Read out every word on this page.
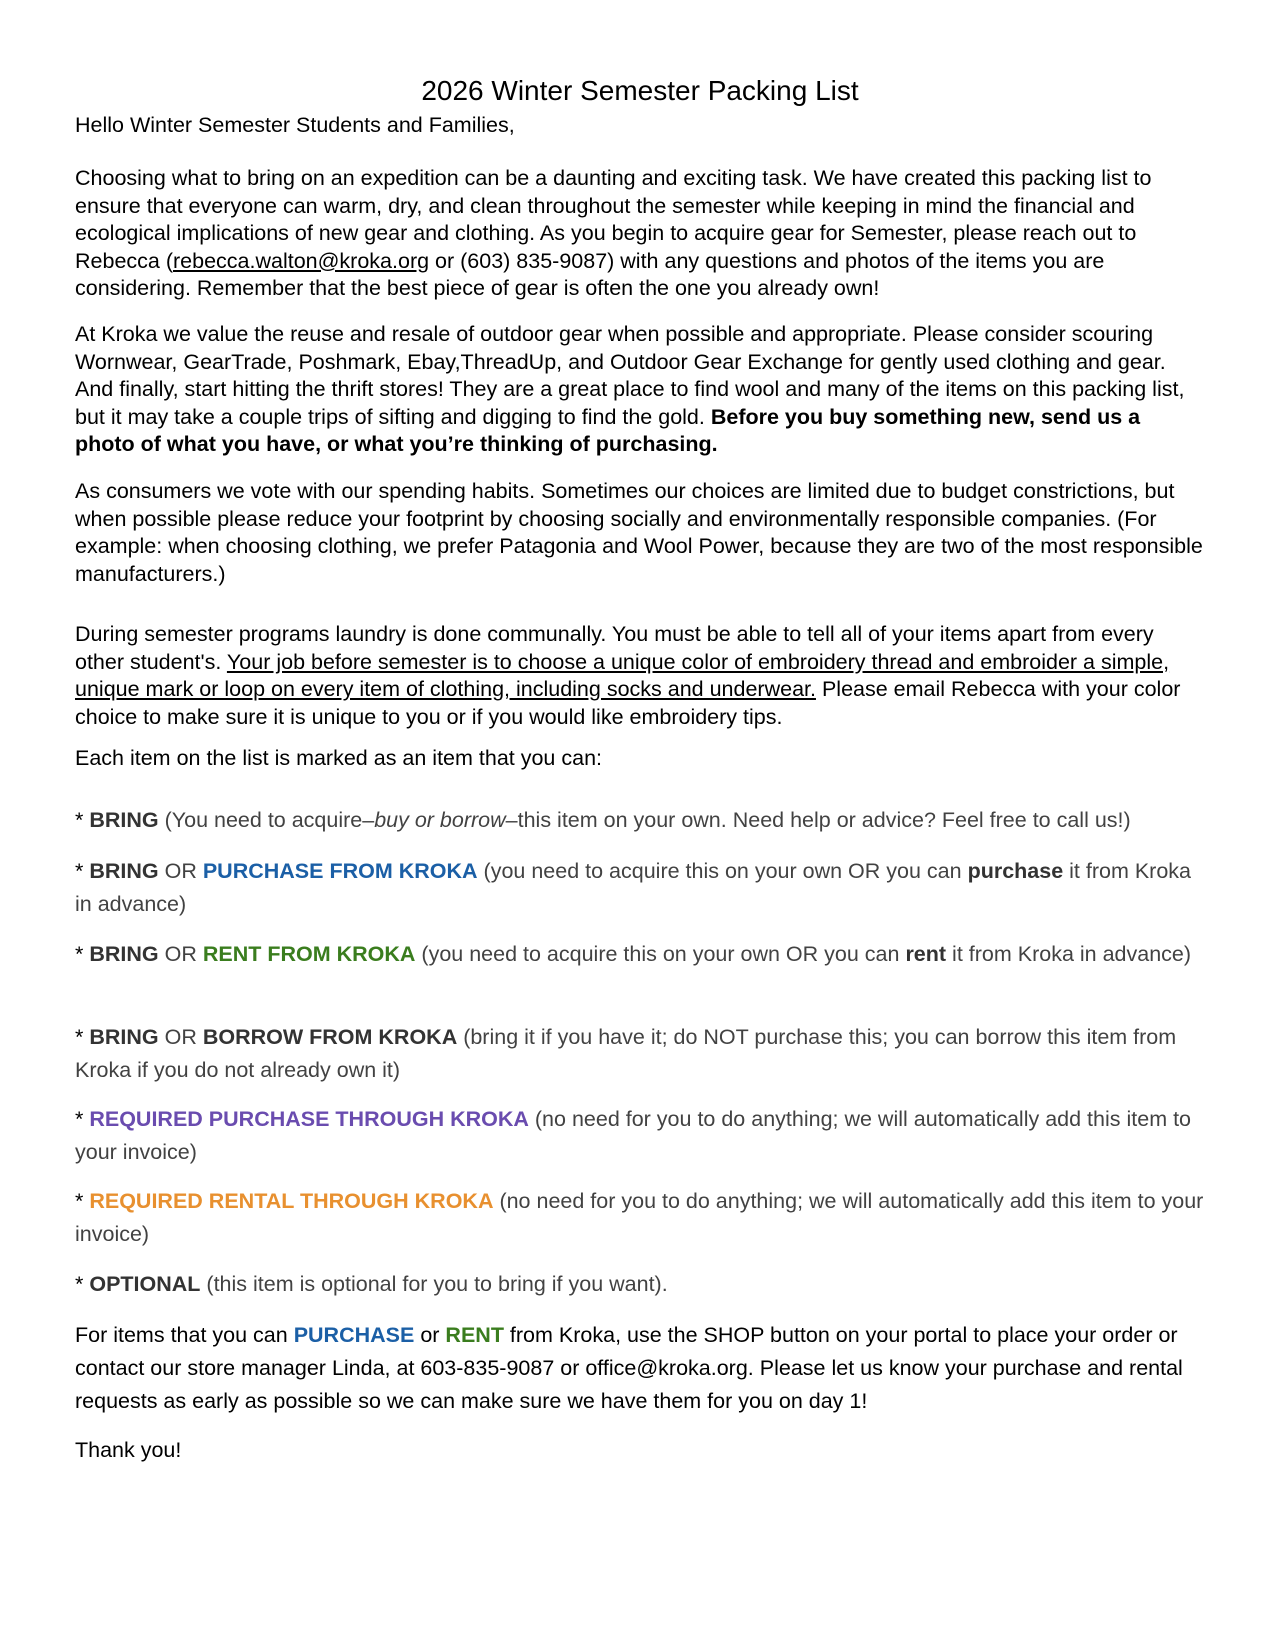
2026 Winter Semester Packing List

Hello Winter Semester Students and Families,

Choosing what to bring on an expedition can be a daunting and exciting task. We have created this packing list to ensure that everyone can warm, dry, and clean throughout the semester while keeping in mind the financial and ecological implications of new gear and clothing. As you begin to acquire gear for Semester, please reach out to Rebecca (rebecca.walton@kroka.org or (603) 835-9087) with any questions and photos of the items you are considering. Remember that the best piece of gear is often the one you already own!

At Kroka we value the reuse and resale of outdoor gear when possible and appropriate. Please consider scouring Wornwear, GearTrade, Poshmark, Ebay,ThreadUp, and Outdoor Gear Exchange for gently used clothing and gear. And finally, start hitting the thrift stores! They are a great place to find wool and many of the items on this packing list, but it may take a couple trips of sifting and digging to find the gold. Before you buy something new, send us a photo of what you have, or what you’re thinking of purchasing.

As consumers we vote with our spending habits. Sometimes our choices are limited due to budget constrictions, but when possible please reduce your footprint by choosing socially and environmentally responsible companies. (For example: when choosing clothing, we prefer Patagonia and Wool Power, because they are two of the most responsible manufacturers.)

During semester programs laundry is done communally. You must be able to tell all of your items apart from every other student's. Your job before semester is to choose a unique color of embroidery thread and embroider a simple, unique mark or loop on every item of clothing, including socks and underwear. Please email Rebecca with your color choice to make sure it is unique to you or if you would like embroidery tips.

Each item on the list is marked as an item that you can:

* BRING (You need to acquire–buy or borrow–this item on your own. Need help or advice? Feel free to call us!)

* BRING OR PURCHASE FROM KROKA (you need to acquire this on your own OR you can purchase it from Kroka in advance)

* BRING OR RENT FROM KROKA (you need to acquire this on your own OR you can rent it from Kroka in advance)

* BRING OR BORROW FROM KROKA (bring it if you have it; do NOT purchase this; you can borrow this item from Kroka if you do not already own it)

* REQUIRED PURCHASE THROUGH KROKA (no need for you to do anything; we will automatically add this item to your invoice)

* REQUIRED RENTAL THROUGH KROKA (no need for you to do anything; we will automatically add this item to your invoice)

* OPTIONAL (this item is optional for you to bring if you want).

For items that you can PURCHASE or RENT from Kroka, use the SHOP button on your portal to place your order or contact our store manager Linda, at 603-835-9087 or office@kroka.org. Please let us know your purchase and rental requests as early as possible so we can make sure we have them for you on day 1!

Thank you!
